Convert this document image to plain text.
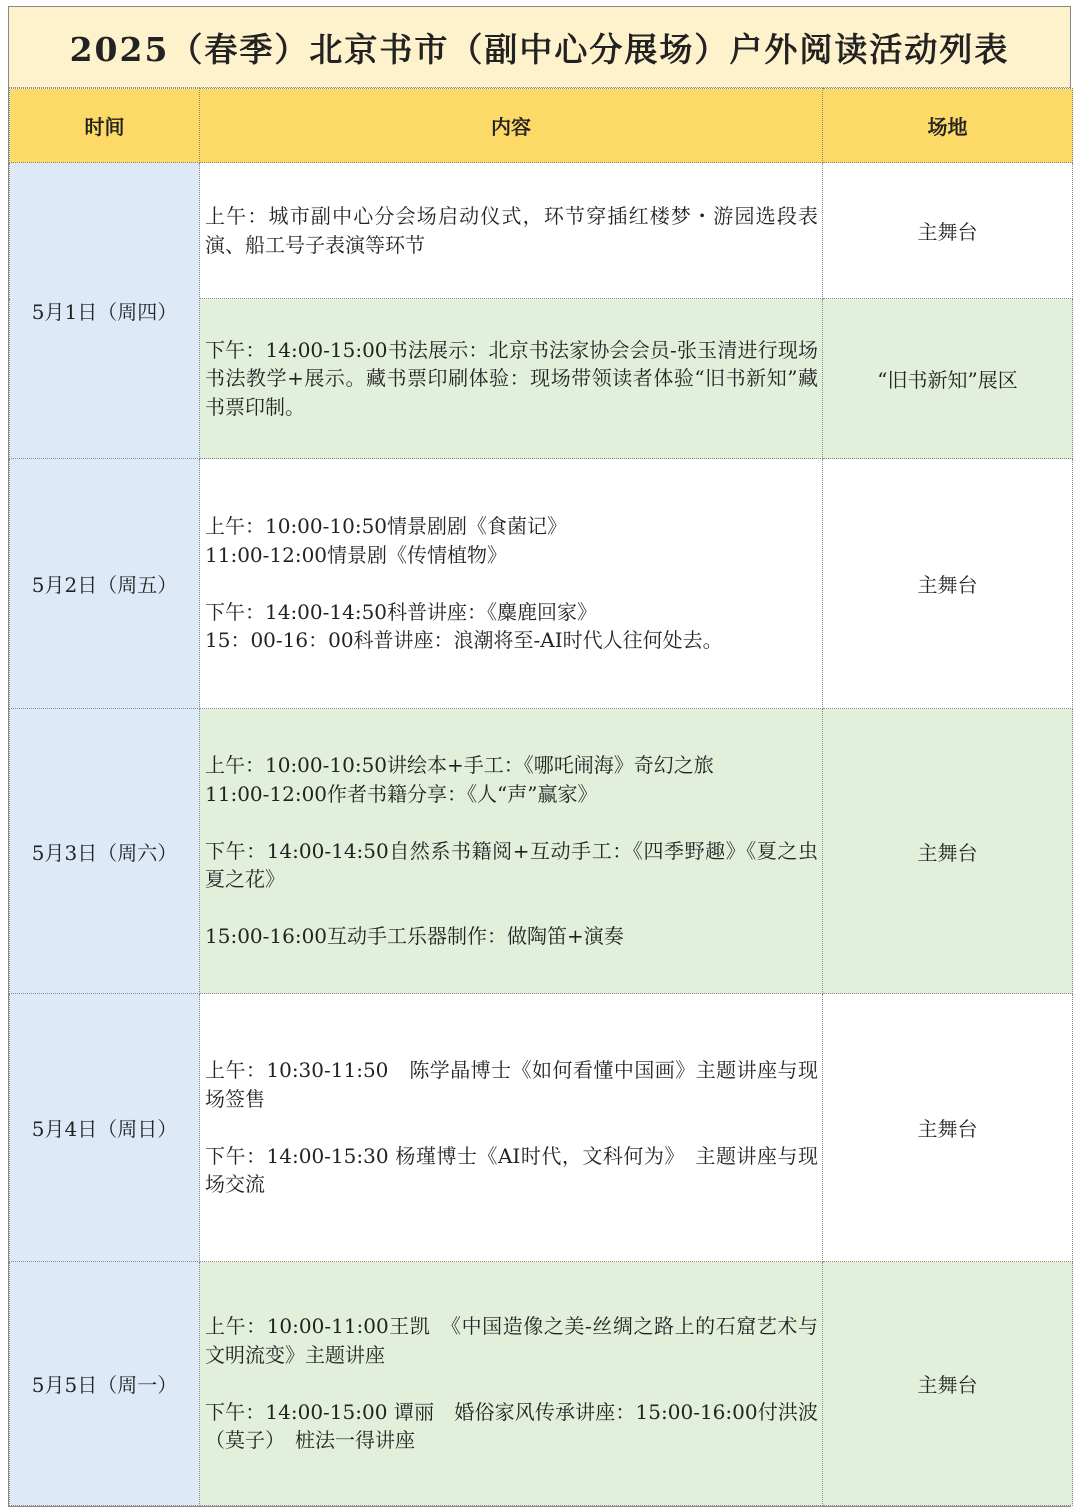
2025（春季）北京书市（副中心分展场）户外阅读活动列表
时间	内容	场地
5月1日（周四）	上午：城市副中心分会场启动仪式，环节穿插红楼梦・游园选段表演、船工号子表演等环节	主舞台

	下午：14:00-15:00书法展示：北京书法家协会会员-张玉清进行现场书法教学+展示。藏书票印刷体验：现场带领读者体验“旧书新知”藏书票印制。	“旧书新知”展区
5月2日（周五）	上午：10:00-10:50情景剧剧《食菌记》
11:00-12:00情景剧《传情植物》
下午：14:00-14:50科普讲座：《麋鹿回家》
15：00-16：00科普讲座：浪潮将至-AI时代人往何处去。	主舞台
5月3日（周六）	上午：10:00-10:50讲绘本+手工：《哪吒闹海》奇幻之旅
11:00-12:00作者书籍分享：《人“声”赢家》
下午：14:00-14:50自然系书籍阅+互动手工：《四季野趣》《夏之虫夏之花》
15:00-16:00互动手工乐器制作：做陶笛+演奏	主舞台
5月4日（周日）	上午：10:30-11:50　陈学晶博士《如何看懂中国画》主题讲座与现场签售
下午：14:00-15:30 杨瑾博士《AI时代，文科何为》　主题讲座与现场交流	主舞台
5月5日（周一）	上午：10:00-11:00王凯　《中国造像之美-丝绸之路上的石窟艺术与文明流变》主题讲座
下午：14:00-15:00 谭丽　婚俗家风传承讲座：15:00-16:00付洪波（莫子）　桩法一得讲座	主舞台
